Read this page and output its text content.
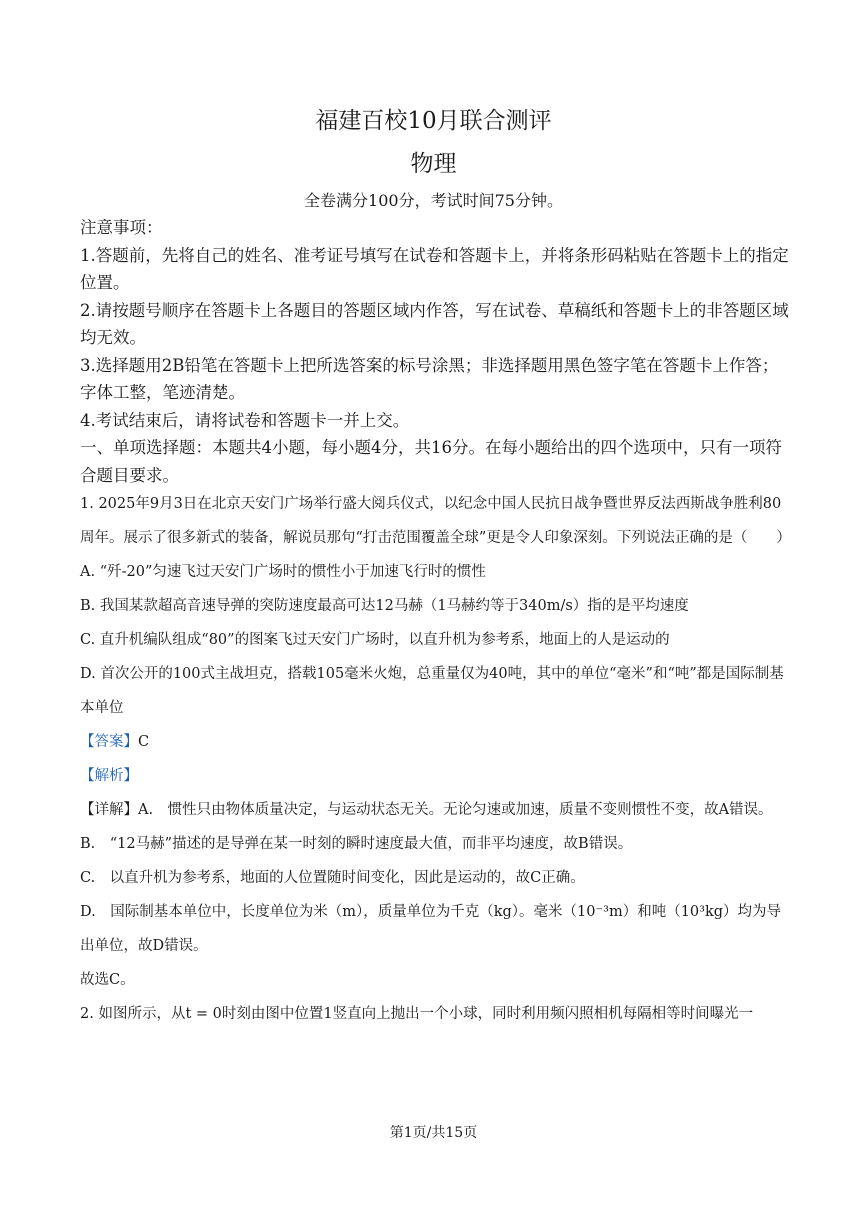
福建百校10月联合测评
物理
全卷满分100分，考试时间75分钟。

注意事项：

1.答题前，先将自己的姓名、准考证号填写在试卷和答题卡上，并将条形码粘贴在答题卡上的指定位置。

2.请按题号顺序在答题卡上各题目的答题区域内作答，写在试卷、草稿纸和答题卡上的非答题区域均无效。

3.选择题用2B铅笔在答题卡上把所选答案的标号涂黑；非选择题用黑色签字笔在答题卡上作答；字体工整，笔迹清楚。

4.考试结束后，请将试卷和答题卡一并上交。

一、单项选择题：本题共4小题，每小题4分，共16分。在每小题给出的四个选项中，只有一项符合题目要求。

1. 2025年9月3日在北京天安门广场举行盛大阅兵仪式，以纪念中国人民抗日战争暨世界反法西斯战争胜利80周年。展示了很多新式的装备，解说员那句“打击范围覆盖全球”更是令人印象深刻。下列说法正确的是（　　）

A. “歼-20”匀速飞过天安门广场时的惯性小于加速飞行时的惯性

B. 我国某款超高音速导弹的突防速度最高可达12马赫（1马赫约等于340m/s）指的是平均速度

C. 直升机编队组成“80”的图案飞过天安门广场时，以直升机为参考系，地面上的人是运动的

D. 首次公开的100式主战坦克，搭载105毫米火炮，总重量仅为40吨，其中的单位“毫米”和“吨”都是国际制基本单位

【答案】C

【解析】

【详解】A.　惯性只由物体质量决定，与运动状态无关。无论匀速或加速，质量不变则惯性不变，故A错误。

B.　“12马赫”描述的是导弹在某一时刻的瞬时速度最大值，而非平均速度，故B错误。

C.　以直升机为参考系，地面的人位置随时间变化，因此是运动的，故C正确。

D.　国际制基本单位中，长度单位为米（m），质量单位为千克（kg）。毫米（10⁻³m）和吨（10³kg）均为导出单位，故D错误。

故选C。

2. 如图所示，从t = 0时刻由图中位置1竖直向上抛出一个小球，同时利用频闪照相机每隔相等时间曝光一

第1页/共15页
